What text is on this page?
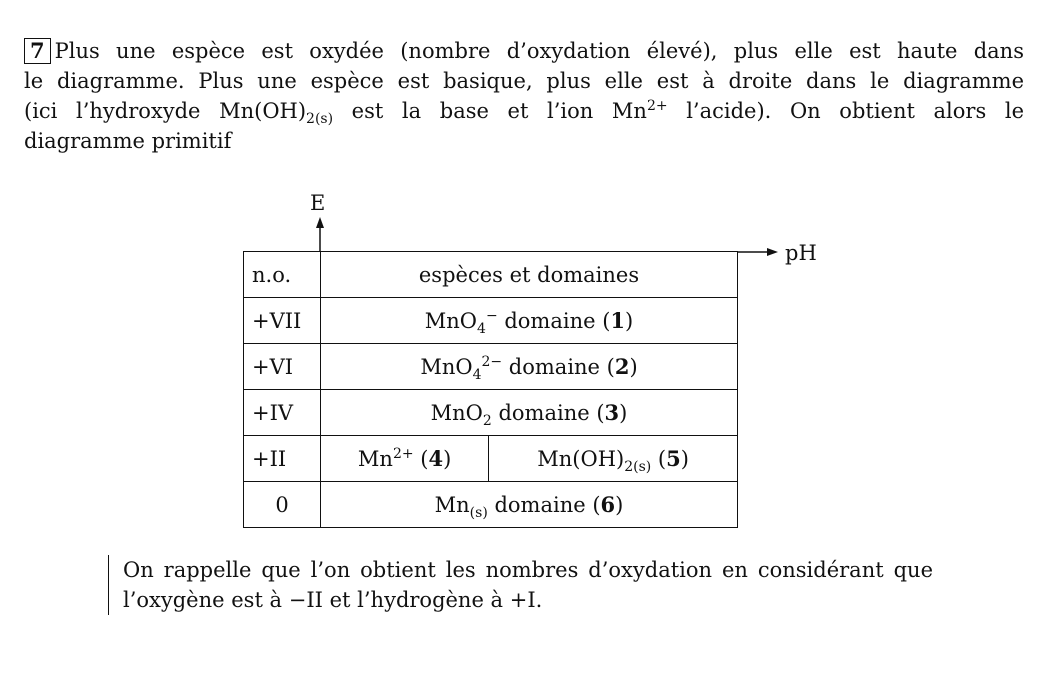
7 Plus une espèce est oxydée (nombre d’oxydation élevé), plus elle est haute dans
le diagramme. Plus une espèce est basique, plus elle est à droite dans le diagramme
(ici l’hydroxyde $Mn(OH)_{2(s)}$ est la base et l’ion $Mn^{2+}$ l’acide). On obtient alors le
diagramme primitif
E
pH
n.o.	espèces et domaines	
+VII	MnO$_4$− domaine (1)	
+VI	MnO$_4^{2-}$ domaine (2)	
+IV	MnO$_2$ domaine (3)	
+II	$Mn^{2+}$ (4)	$Mn(OH)_{2(s)}$ (5)
0	$Mn_{(s)}$ domaine (6)	
On rappelle que l’on obtient les nombres d’oxydation en considérant que
l’oxygène est à −II et l’hydrogène à +I.
